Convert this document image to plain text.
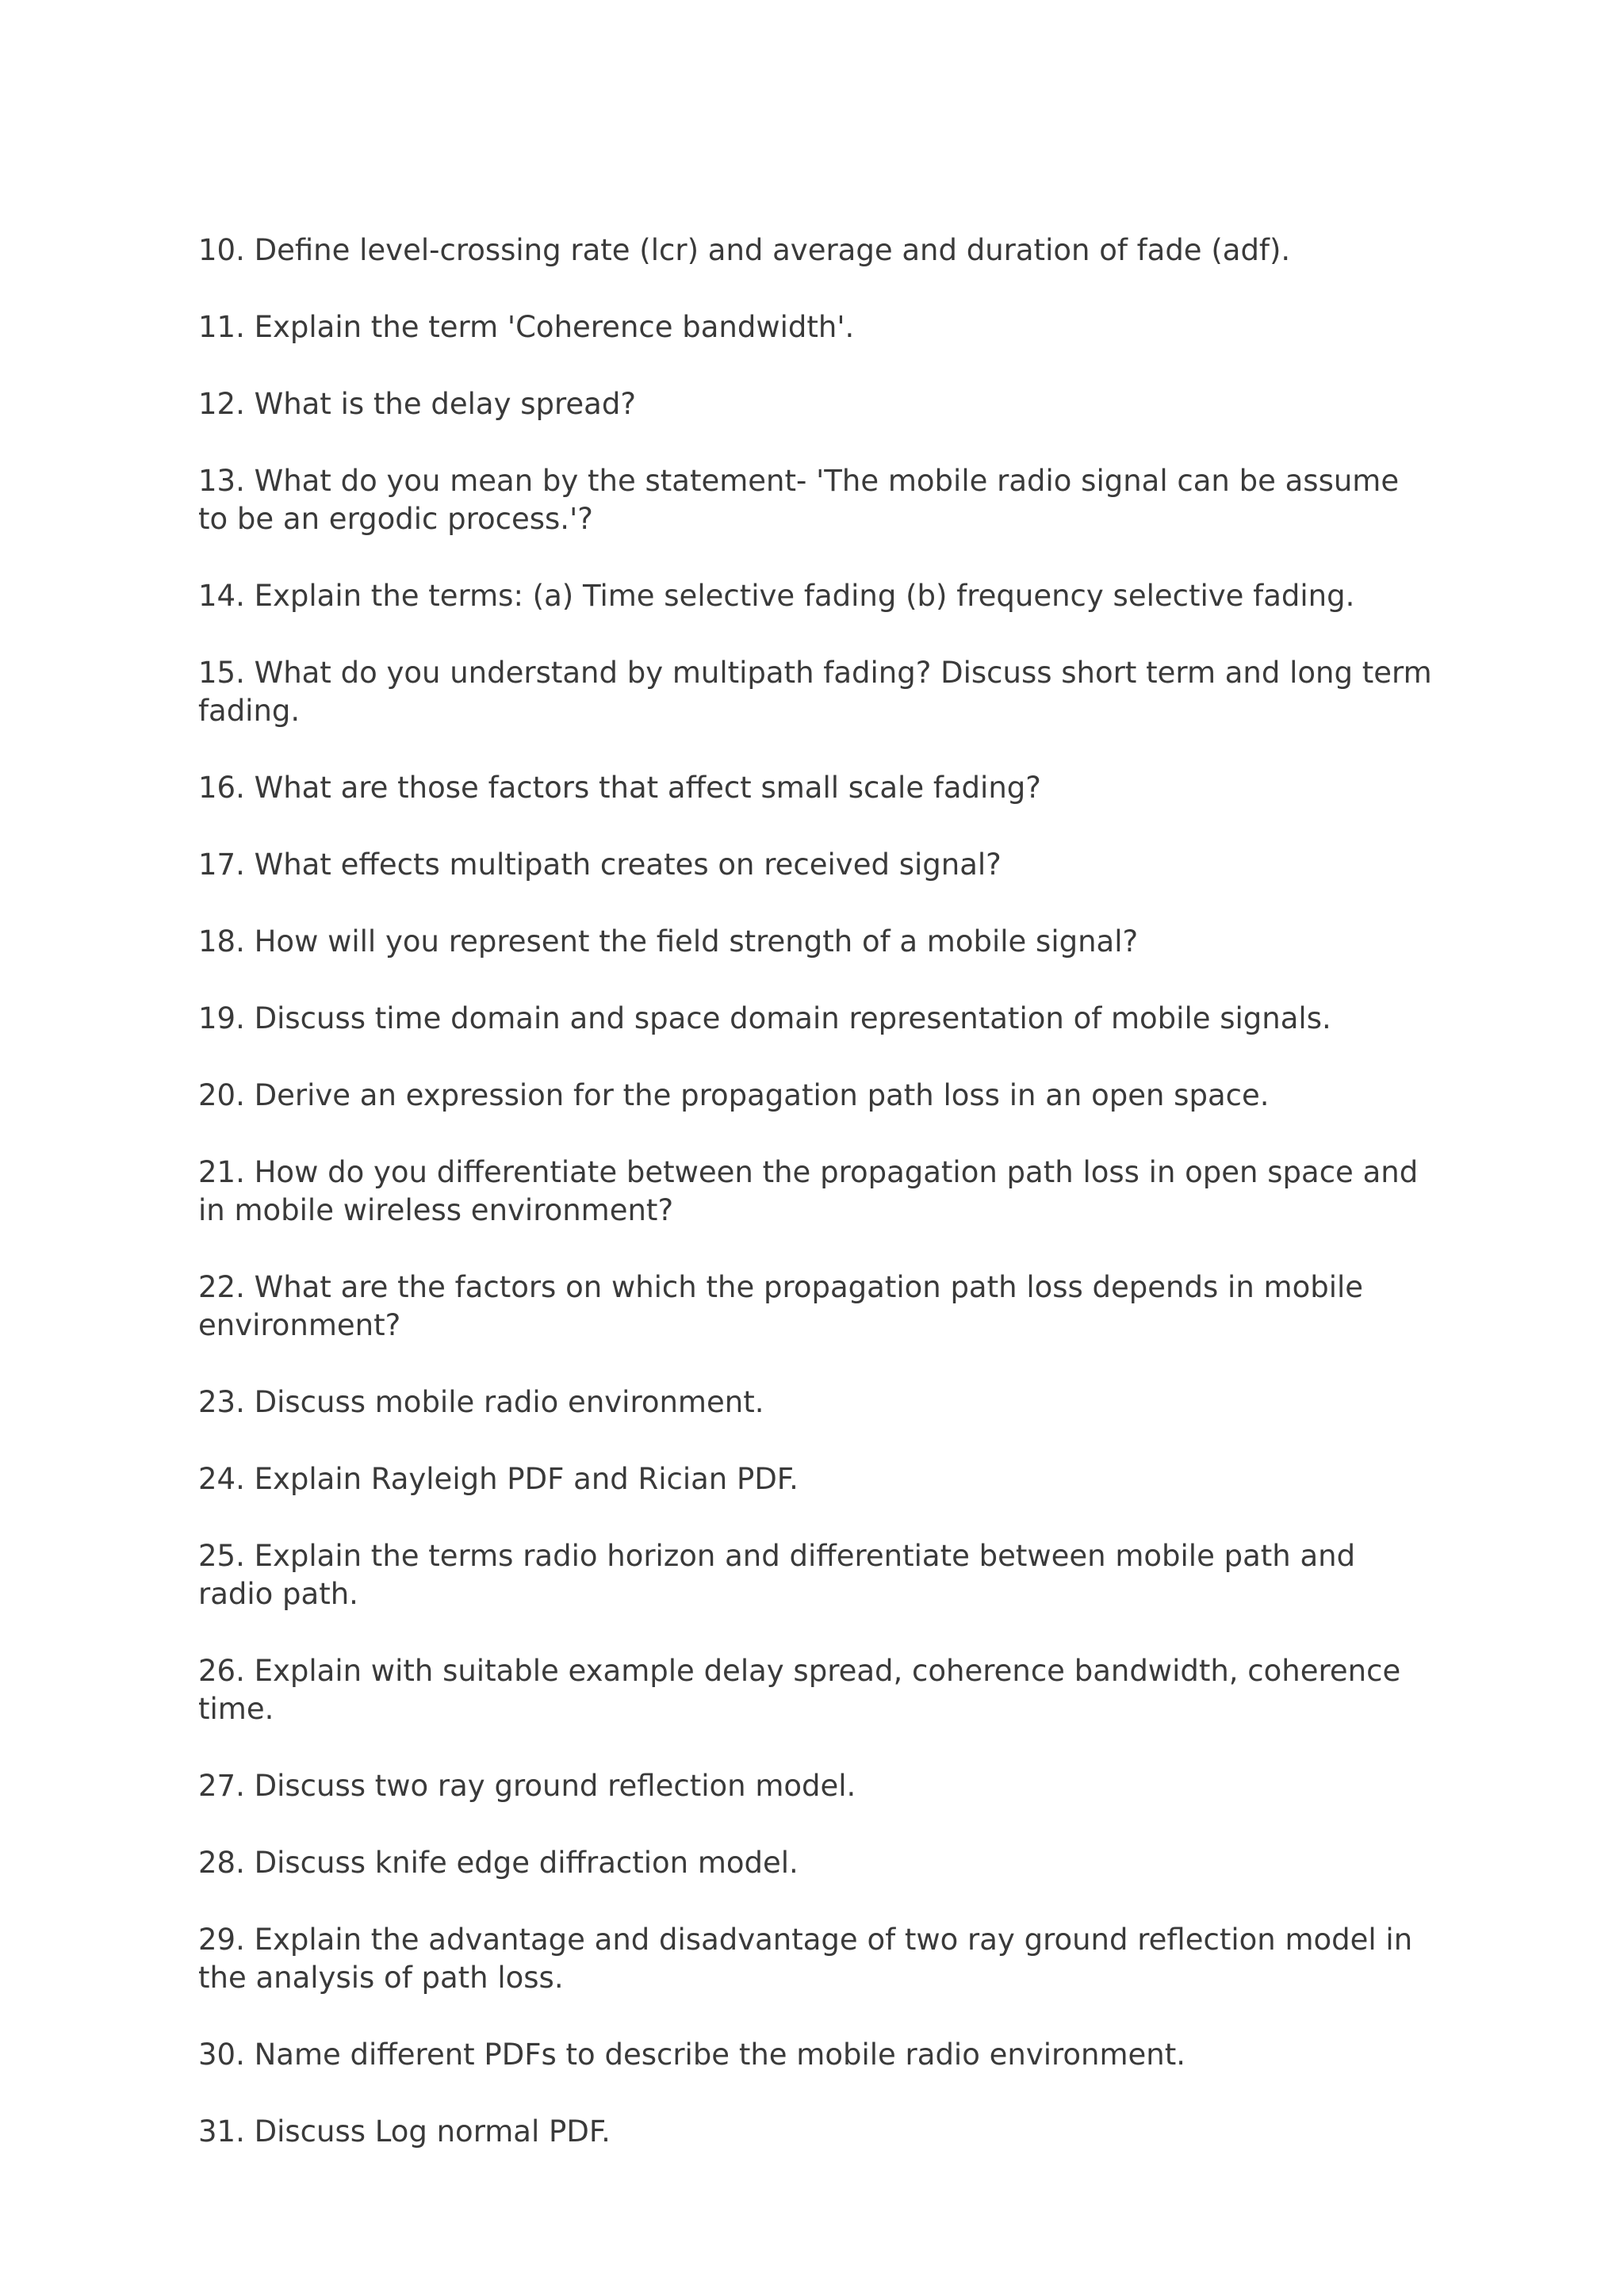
10. Define level-crossing rate (lcr) and average and duration of fade (adf).
11. Explain the term 'Coherence bandwidth'.
12. What is the delay spread?
13. What do you mean by the statement- 'The mobile radio signal can be assume to be an ergodic process.'?
14. Explain the terms: (a) Time selective fading (b) frequency selective fading.
15. What do you understand by multipath fading? Discuss short term and long term fading.
16. What are those factors that affect small scale fading?
17. What effects multipath creates on received signal?
18. How will you represent the field strength of a mobile signal?
19. Discuss time domain and space domain representation of mobile signals.
20. Derive an expression for the propagation path loss in an open space.
21. How do you differentiate between the propagation path loss in open space and in mobile wireless environment?
22. What are the factors on which the propagation path loss depends in mobile environment?
23. Discuss mobile radio environment.
24. Explain Rayleigh PDF and Rician PDF.
25. Explain the terms radio horizon and differentiate between mobile path and radio path.
26. Explain with suitable example delay spread, coherence bandwidth, coherence time.
27. Discuss two ray ground reflection model.
28. Discuss knife edge diffraction model.
29. Explain the advantage and disadvantage of two ray ground reflection model in the analysis of path loss.
30. Name different PDFs to describe the mobile radio environment.
31. Discuss Log normal PDF.
